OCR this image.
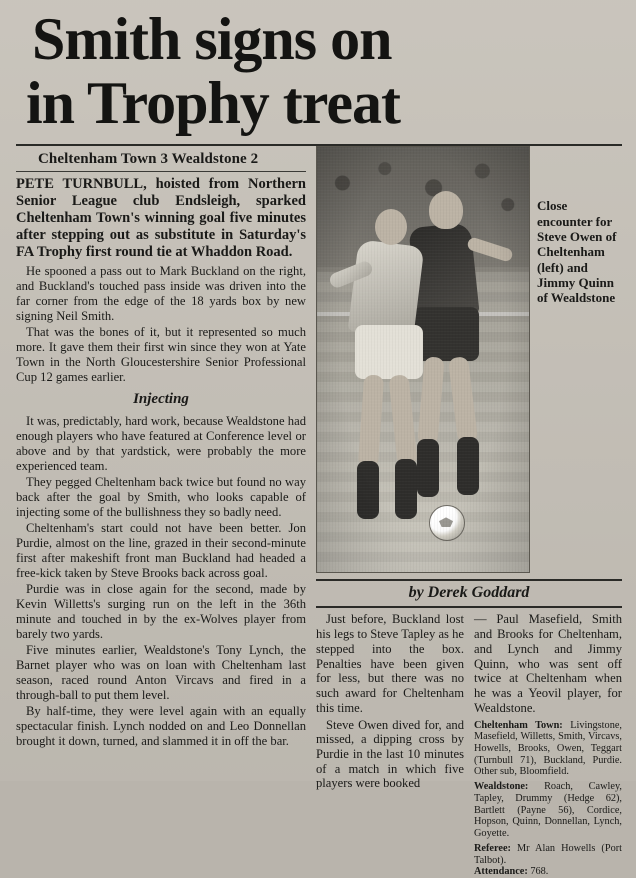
Smith signs on
in Trophy treat
Cheltenham Town 3 Wealdstone 2
PETE TURNBULL, hoisted from Northern Senior League club Endsleigh, sparked Cheltenham Town's winning goal five minutes after stepping out as substitute in Saturday's FA Trophy first round tie at Whaddon Road.

He spooned a pass out to Mark Buckland on the right, and Buckland's touched pass inside was driven into the far corner from the edge of the 18 yards box by new signing Neil Smith.

That was the bones of it, but it represented so much more. It gave them their first win since they won at Yate Town in the North Gloucestershire Senior Professional Cup 12 games earlier.

Injecting

It was, predictably, hard work, because Wealdstone had enough players who have featured at Conference level or above and by that yardstick, were probably the more experienced team.

They pegged Cheltenham back twice but found no way back after the goal by Smith, who looks capable of injecting some of the bullishness they so badly need.

Cheltenham's start could not have been better. Jon Purdie, almost on the line, grazed in their second-minute first after makeshift front man Buckland had headed a free-kick taken by Steve Brooks back across goal.

Purdie was in close again for the second, made by Kevin Willetts's surging run on the left in the 36th minute and touched in by the ex-Wolves player from barely two yards.

Five minutes earlier, Wealdstone's Tony Lynch, the Barnet player who was on loan with Cheltenham last season, raced round Anton Vircavs and fired in a through-ball to put them level.

By half-time, they were level again with an equally spectacular finish. Lynch nodded on and Leo Donnellan brought it down, turned, and slammed it in off the bar.

Close encounter for Steve Owen of Cheltenham (left) and Jimmy Quinn of Wealdstone
by Derek Goddard

Just before, Buckland lost his legs to Steve Tapley as he stepped into the box. Penalties have been given for less, but there was no such award for Cheltenham this time.

Steve Owen dived for, and missed, a dipping cross by Purdie in the last 10 minutes of a match in which five players were booked

— Paul Masefield, Smith and Brooks for Cheltenham, and Lynch and Jimmy Quinn, who was sent off twice at Cheltenham when he was a Yeovil player, for Wealdstone.

Cheltenham Town: Livingstone, Masefield, Willetts, Smith, Vircavs, Howells, Brooks, Owen, Teggart (Turnbull 71), Buckland, Purdie. Other sub, Bloomfield.
Wealdstone: Roach, Cawley, Tapley, Drummy (Hedge 62), Bartlett (Payne 56), Cordice, Hopson, Quinn, Donnellan, Lynch, Goyette.
Referee: Mr Alan Howells (Port Talbot).
Attendance: 768.
